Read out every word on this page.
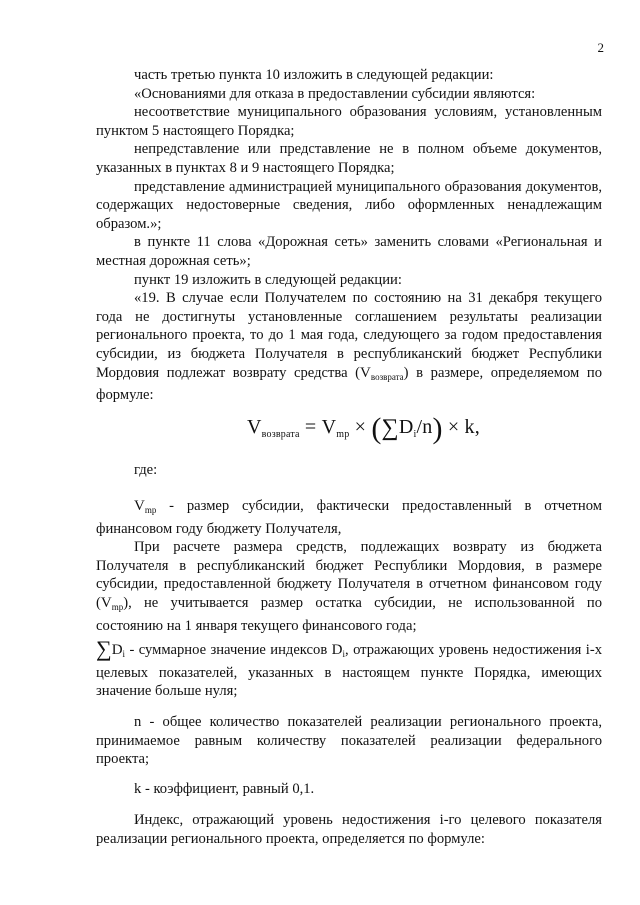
2

часть третью пункта 10 изложить в следующей редакции:

«Основаниями для отказа в предоставлении субсидии являются:

несоответствие муниципального образования условиям, установленным пунктом 5 настоящего Порядка;

непредставление или представление не в полном объеме документов, указанных в пунктах 8 и 9 настоящего Порядка;

представление администрацией муниципального образования документов, содержащих недостоверные сведения, либо оформленных ненадлежащим образом.»;

в пункте 11 слова «Дорожная сеть» заменить словами «Региональная и местная дорожная сеть»;

пункт 19 изложить в следующей редакции:

«19. В случае если Получателем по состоянию на 31 декабря текущего года не достигнуты установленные соглашением результаты реализации регионального проекта, то до 1 мая года, следующего за годом предоставления субсидии, из бюджета Получателя в республиканский бюджет Республики Мордовия подлежат возврату средства $(V_{возврата})$ в размере, определяемом по формуле:

$V_{возврата} = V_{mp} \times (\sum D_i/n) \times k$,
где:

$V_{mp}$ - размер субсидии, фактически предоставленный в отчетном финансовом году бюджету Получателя,

При расчете размера средств, подлежащих возврату из бюджета Получателя в республиканский бюджет Республики Мордовия, в размере субсидии, предоставленной бюджету Получателя в отчетном финансовом году $(V_{mp})$, не учитывается размер остатка субсидии, не использованной по состоянию на 1 января текущего финансового года;

$\sum D_i$ - суммарное значение индексов $D_i$, отражающих уровень недостижения i-х целевых показателей, указанных в настоящем пункте Порядка, имеющих значение больше нуля;

n - общее количество показателей реализации регионального проекта, принимаемое равным количеству показателей реализации федерального проекта;

k - коэффициент, равный 0,1.

Индекс, отражающий уровень недостижения i-го целевого показателя реализации регионального проекта, определяется по формуле:
